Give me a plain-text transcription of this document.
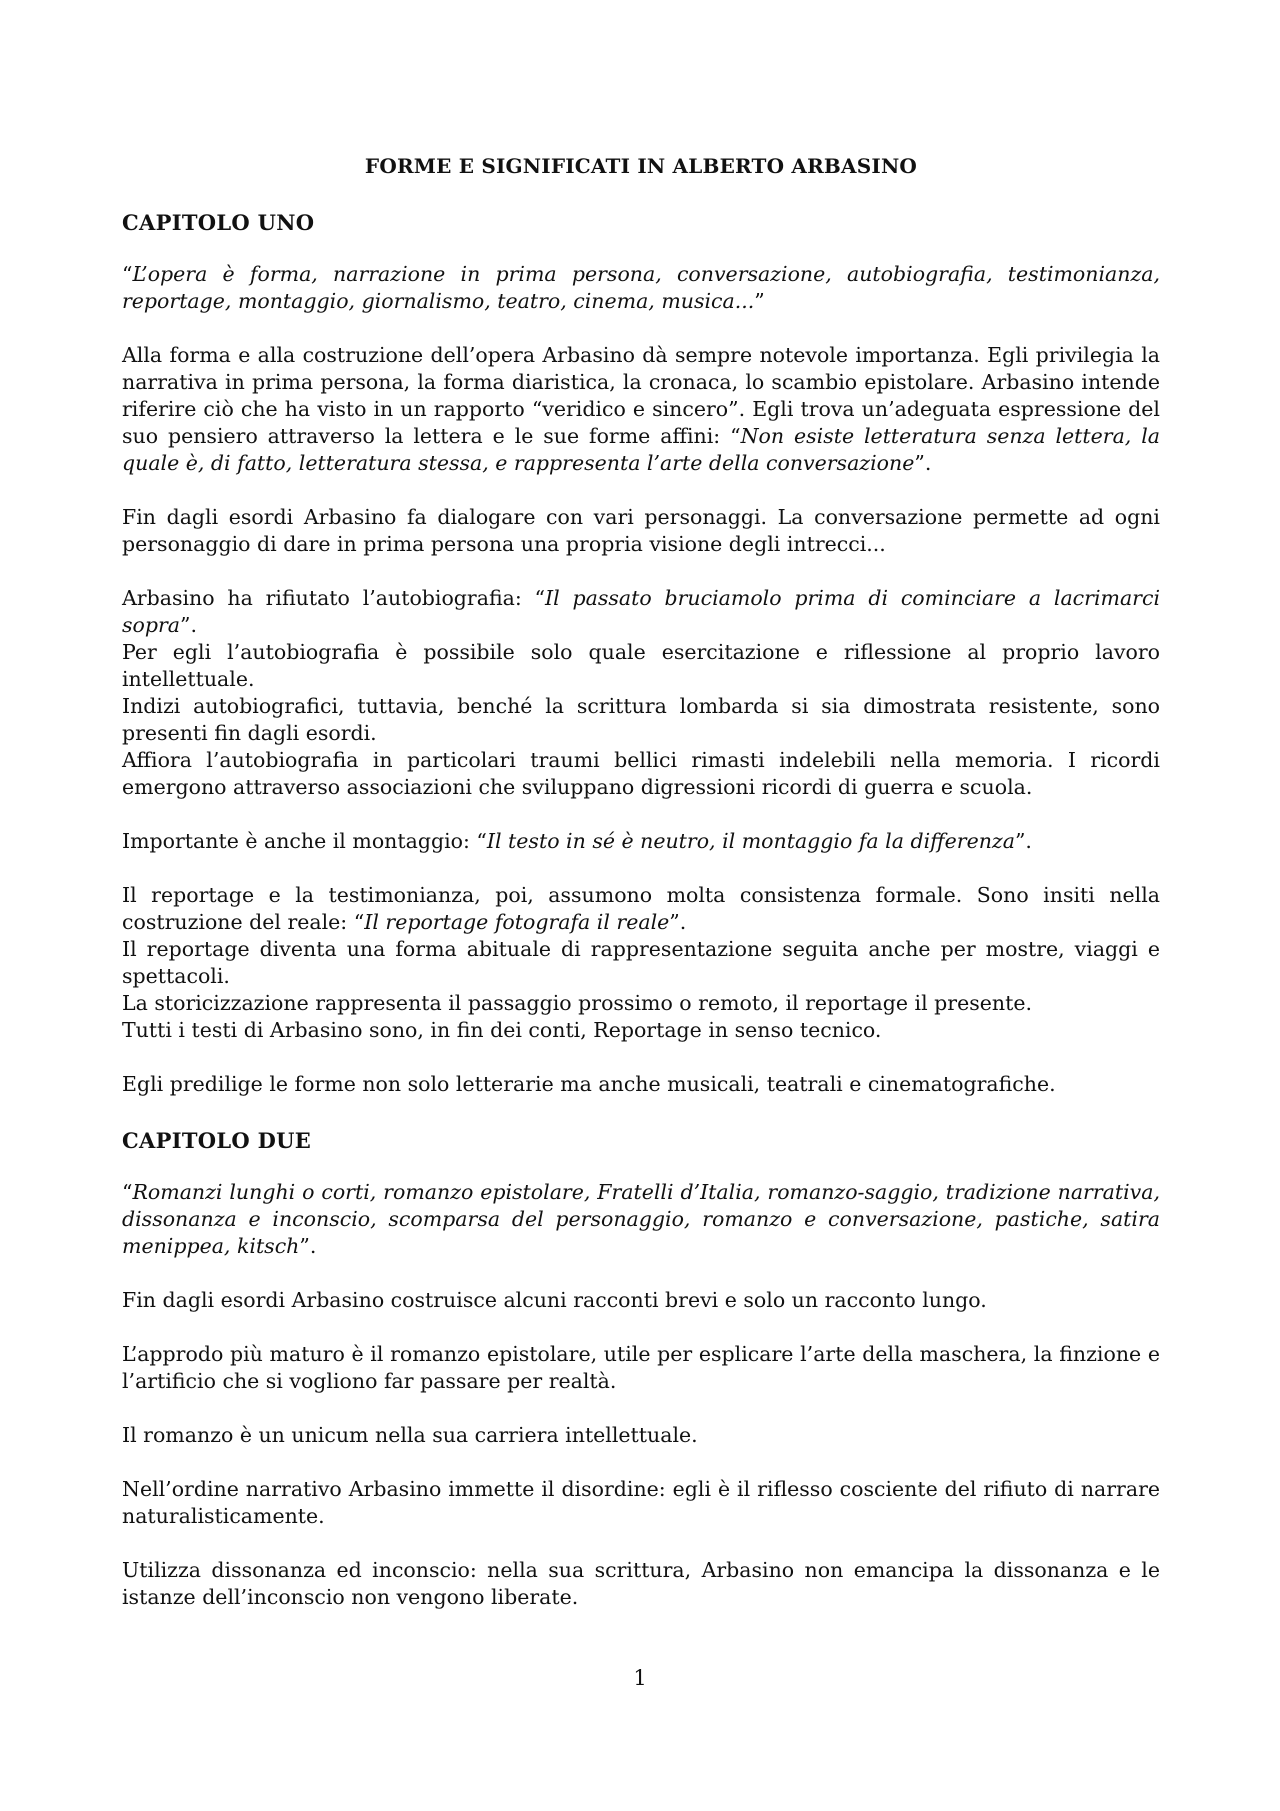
FORME E SIGNIFICATI IN ALBERTO ARBASINO
CAPITOLO UNO

“L’opera è forma, narrazione in prima persona, conversazione, autobiografia, testimonianza, reportage, montaggio, giornalismo, teatro, cinema, musica...”

Alla forma e alla costruzione dell’opera Arbasino dà sempre notevole importanza. Egli privilegia la narrativa in prima persona, la forma diaristica, la cronaca, lo scambio epistolare. Arbasino intende riferire ciò che ha visto in un rapporto “veridico e sincero”. Egli trova un’adeguata espressione del suo pensiero attraverso la lettera e le sue forme affini: “Non esiste letteratura senza lettera, la quale è, di fatto, letteratura stessa, e rappresenta l’arte della conversazione”.

Fin dagli esordi Arbasino fa dialogare con vari personaggi. La conversazione permette ad ogni personaggio di dare in prima persona una propria visione degli intrecci...

Arbasino ha rifiutato l’autobiografia: “Il passato bruciamolo prima di cominciare a lacrimarci sopra”.

Per egli l’autobiografia è possibile solo quale esercitazione e riflessione al proprio lavoro intellettuale.

Indizi autobiografici, tuttavia, benché la scrittura lombarda si sia dimostrata resistente, sono presenti fin dagli esordi.

Affiora l’autobiografia in particolari traumi bellici rimasti indelebili nella memoria. I ricordi emergono attraverso associazioni che sviluppano digressioni ricordi di guerra e scuola.

Importante è anche il montaggio: “Il testo in sé è neutro, il montaggio fa la differenza”.

Il reportage e la testimonianza, poi, assumono molta consistenza formale. Sono insiti nella costruzione del reale: “Il reportage fotografa il reale”.

Il reportage diventa una forma abituale di rappresentazione seguita anche per mostre, viaggi e spettacoli.

La storicizzazione rappresenta il passaggio prossimo o remoto, il reportage il presente.

Tutti i testi di Arbasino sono, in fin dei conti, Reportage in senso tecnico.

Egli predilige le forme non solo letterarie ma anche musicali, teatrali e cinematografiche.

CAPITOLO DUE

“Romanzi lunghi o corti, romanzo epistolare, Fratelli d’Italia, romanzo-saggio, tradizione narrativa, dissonanza e inconscio, scomparsa del personaggio, romanzo e conversazione, pastiche, satira menippea, kitsch”.

Fin dagli esordi Arbasino costruisce alcuni racconti brevi e solo un racconto lungo.

L’approdo più maturo è il romanzo epistolare, utile per esplicare l’arte della maschera, la finzione e l’artificio che si vogliono far passare per realtà.

Il romanzo è un unicum nella sua carriera intellettuale.

Nell’ordine narrativo Arbasino immette il disordine: egli è il riflesso cosciente del rifiuto di narrare naturalisticamente.

Utilizza dissonanza ed inconscio: nella sua scrittura, Arbasino non emancipa la dissonanza e le istanze dell’inconscio non vengono liberate.

1
